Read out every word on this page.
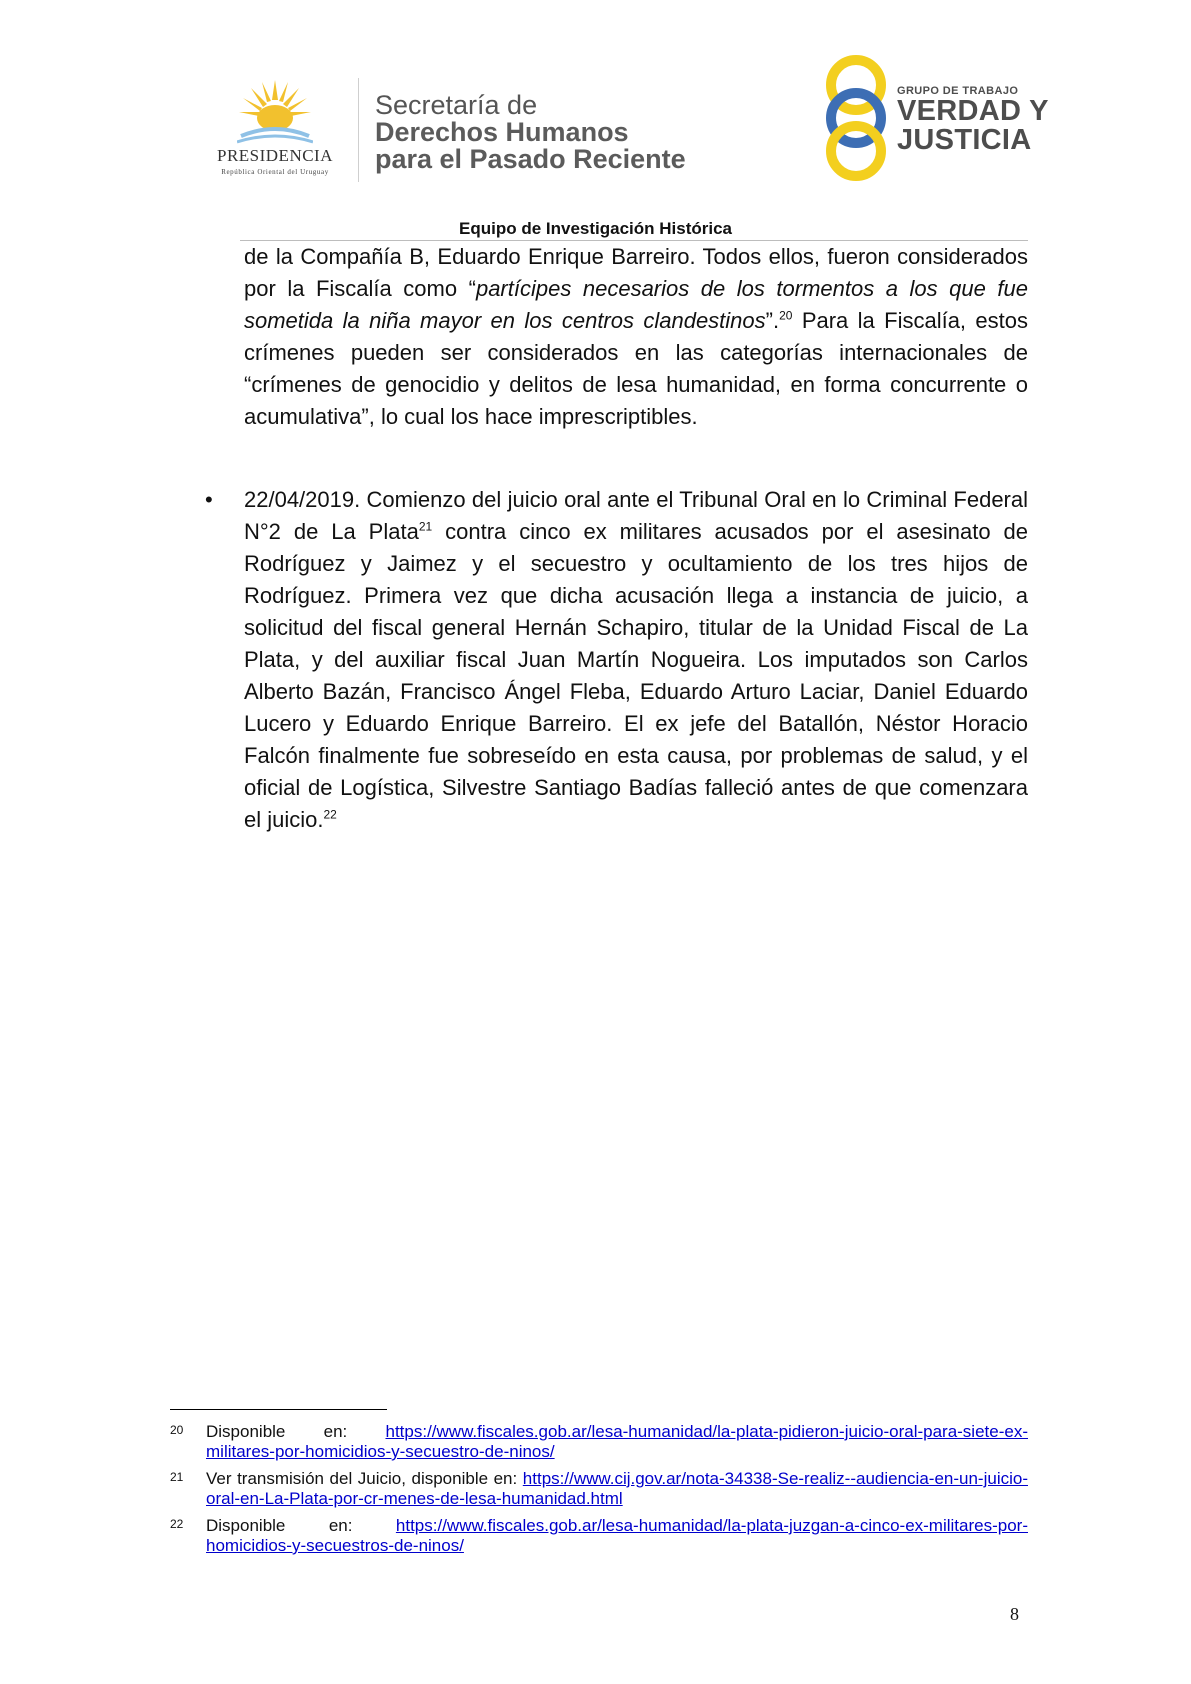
PRESIDENCIA
República Oriental del Uruguay
Secretaría de
Derechos Humanos
para el Pasado Reciente
GRUPO DE TRABAJO
VERDAD Y
JUSTICIA
Equipo de Investigación Histórica
de la Compañía B, Eduardo Enrique Barreiro. Todos ellos, fueron considerados por la Fiscalía como “partícipes necesarios de los tormentos a los que fue sometida la niña mayor en los centros clandestinos”.$^{20}$ Para la Fiscalía, estos crímenes pueden ser considerados en las categorías internacionales de “crímenes de genocidio y delitos de lesa humanidad, en forma concurrente o acumulativa”, lo cual los hace imprescriptibles.
• 22/04/2019. Comienzo del juicio oral ante el Tribunal Oral en lo Criminal Federal N°2 de La Plata$^{21}$ contra cinco ex militares acusados por el asesinato de Rodríguez y Jaimez y el secuestro y ocultamiento de los tres hijos de Rodríguez. Primera vez que dicha acusación llega a instancia de juicio, a solicitud del fiscal general Hernán Schapiro, titular de la Unidad Fiscal de La Plata, y del auxiliar fiscal Juan Martín Nogueira. Los imputados son Carlos Alberto Bazán, Francisco Ángel Fleba, Eduardo Arturo Laciar, Daniel Eduardo Lucero y Eduardo Enrique Barreiro. El ex jefe del Batallón, Néstor Horacio Falcón finalmente fue sobreseído en esta causa, por problemas de salud, y el oficial de Logística, Silvestre Santiago Badías falleció antes de que comenzara el juicio.$^{22}$
20 Disponible en: https://www.fiscales.gob.ar/lesa-humanidad/la-plata-pidieron-juicio-oral-para-siete-ex-militares-por-homicidios-y-secuestro-de-ninos/
21 Ver transmisión del Juicio, disponible en: https://www.cij.gov.ar/nota-34338-Se-realiz--audiencia-en-un-juicio-oral-en-La-Plata-por-cr-menes-de-lesa-humanidad.html
22 Disponible en: https://www.fiscales.gob.ar/lesa-humanidad/la-plata-juzgan-a-cinco-ex-militares-por-homicidios-y-secuestros-de-ninos/
8
